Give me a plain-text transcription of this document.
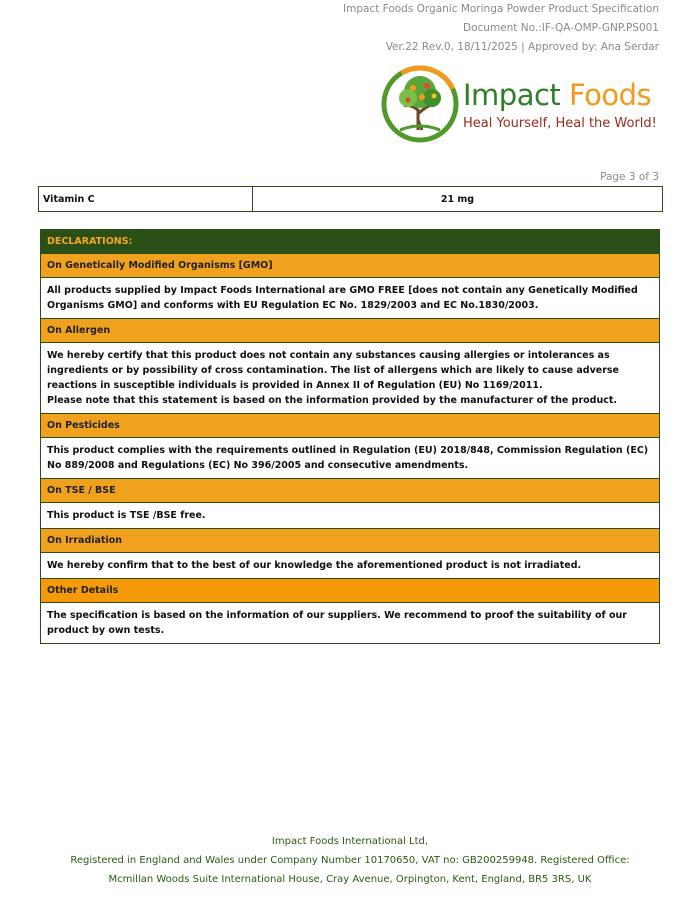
Impact Foods Organic Moringa Powder Product Specification
Document No.:IF-QA-OMP-GNP.PS001
Ver.22 Rev.0, 18/11/2025 | Approved by: Ana Serdar
Impact Foods
Heal Yourself, Heal the World!
Page 3 of 3
Vitamin C	21 mg
DECLARATIONS:
On Genetically Modified Organisms [GMO]
All products supplied by Impact Foods International are GMO FREE [does not contain any Genetically Modified Organisms GMO] and conforms with EU Regulation EC No. 1829/2003 and EC No.1830/2003.
On Allergen

We hereby certify that this product does not contain any substances causing allergies or intolerances as ingredients or by possibility of cross contamination. The list of allergens which are likely to cause adverse reactions in susceptible individuals is provided in Annex II of Regulation (EU) No 1169/2011.
Please note that this statement is based on the information provided by the manufacturer of the product.

On Pesticides
This product complies with the requirements outlined in Regulation (EU) 2018/848, Commission Regulation (EC) No 889/2008 and Regulations (EC) No 396/2005 and consecutive amendments.
On TSE / BSE
This product is TSE /BSE free.
On Irradiation
We hereby confirm that to the best of our knowledge the aforementioned product is not irradiated.
Other Details
The specification is based on the information of our suppliers. We recommend to proof the suitability of our product by own tests.
Impact Foods International Ltd,
Registered in England and Wales under Company Number 10170650, VAT no: GB200259948. Registered Office:
Mcmillan Woods Suite International House, Cray Avenue, Orpington, Kent, England, BR5 3RS, UK
